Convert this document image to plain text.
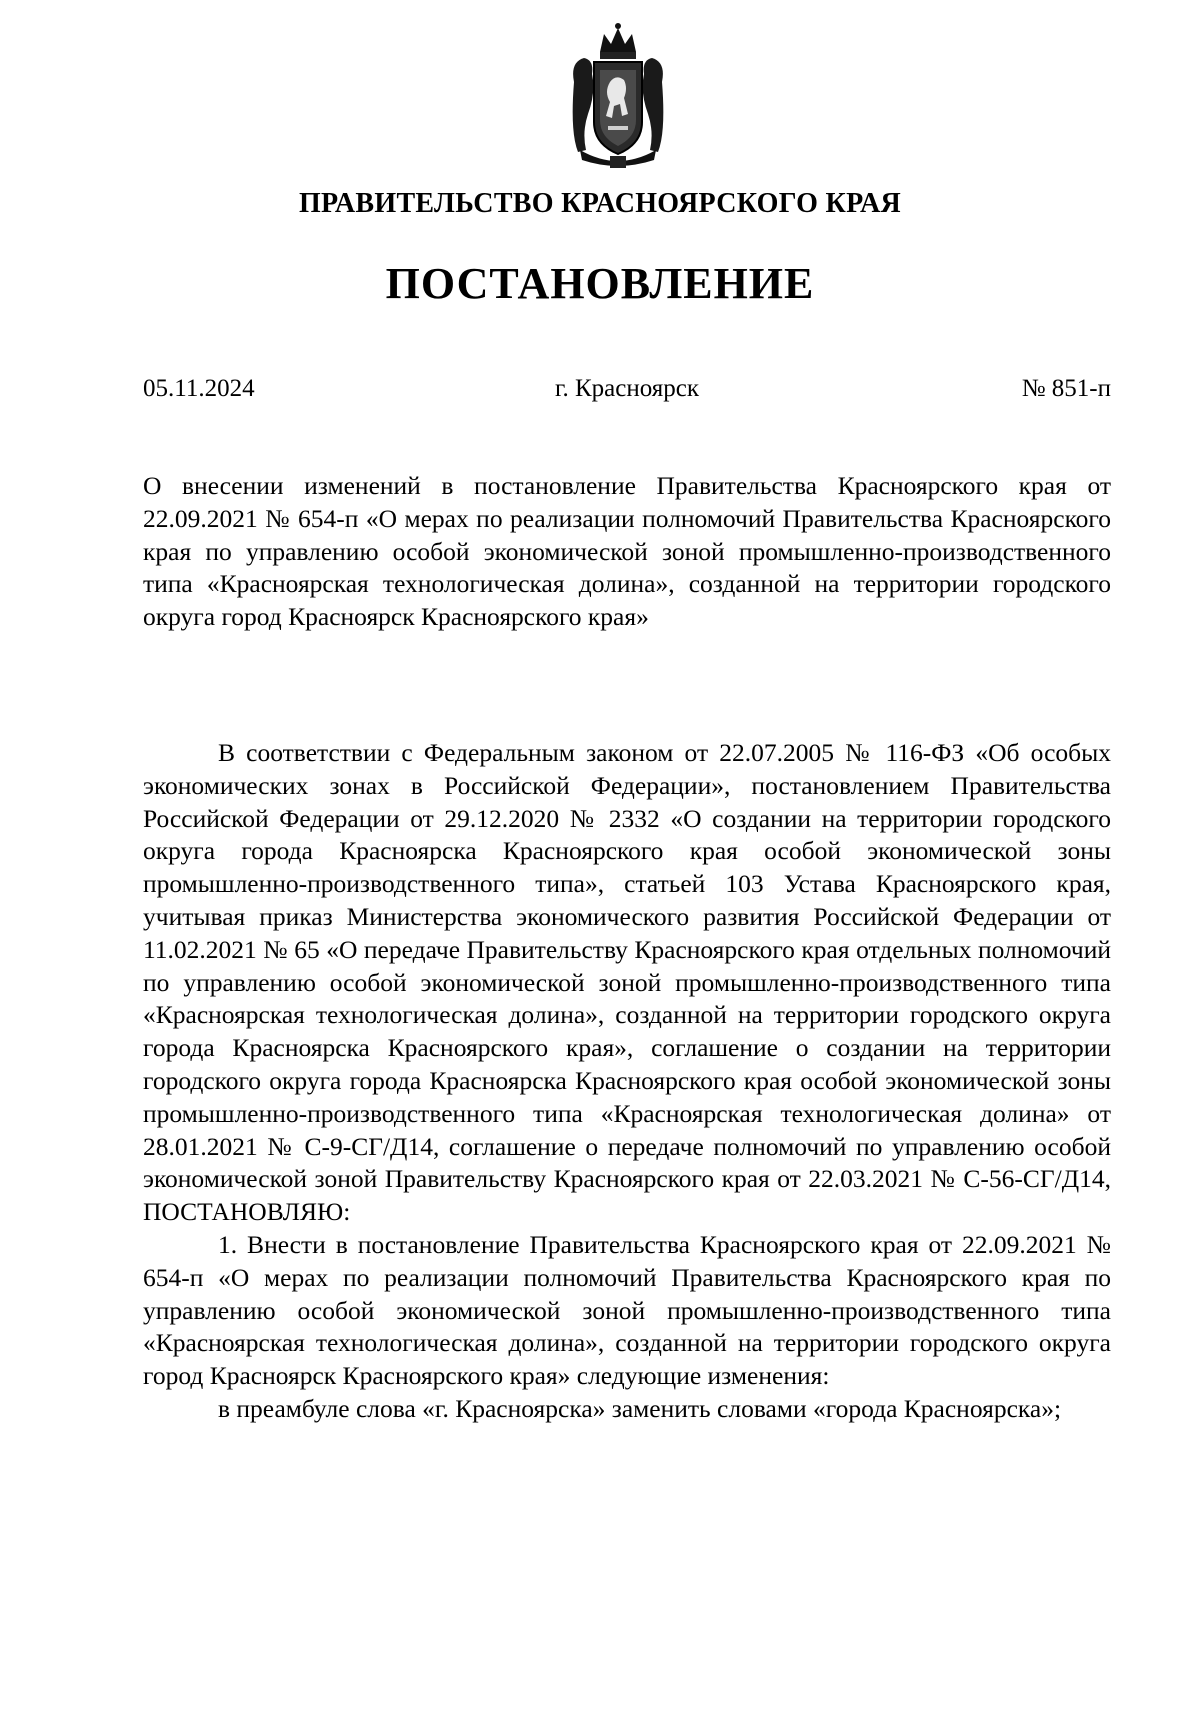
ПРАВИТЕЛЬСТВО КРАСНОЯРСКОГО КРАЯ
ПОСТАНОВЛЕНИЕ
05.11.2024	г. Красноярск	№ 851-п

О внесении изменений в постановление Правительства Красноярского края от 22.09.2021 № 654-п «О мерах по реализации полномочий Правительства Красноярского края по управлению особой экономической зоной промышленно-производственного типа «Красноярская технологическая долина», созданной на территории городского округа город Красноярск Красноярского края»

В соответствии с Федеральным законом от 22.07.2005 № 116-ФЗ «Об особых экономических зонах в Российской Федерации», постановлением Правительства Российской Федерации от 29.12.2020 № 2332 «О создании на территории городского округа города Красноярска Красноярского края особой экономической зоны промышленно-производственного типа», статьей 103 Устава Красноярского края, учитывая приказ Министерства экономического развития Российской Федерации от 11.02.2021 № 65 «О передаче Правительству Красноярского края отдельных полномочий по управлению особой экономической зоной промышленно-производственного типа «Красноярская технологическая долина», созданной на территории городского округа города Красноярска Красноярского края», соглашение о создании на территории городского округа города Красноярска Красноярского края особой экономической зоны промышленно-производственного типа «Красноярская технологическая долина» от 28.01.2021 № С-9-СГ/Д14, соглашение о передаче полномочий по управлению особой экономической зоной Правительству Красноярского края от 22.03.2021 № С-56-СГ/Д14, ПОСТАНОВЛЯЮ:

1. Внести в постановление Правительства Красноярского края от 22.09.2021 № 654-п «О мерах по реализации полномочий Правительства Красноярского края по управлению особой экономической зоной промышленно-производственного типа «Красноярская технологическая долина», созданной на территории городского округа город Красноярск Красноярского края» следующие изменения:

в преамбуле слова «г. Красноярска» заменить словами «города Красноярска»;
